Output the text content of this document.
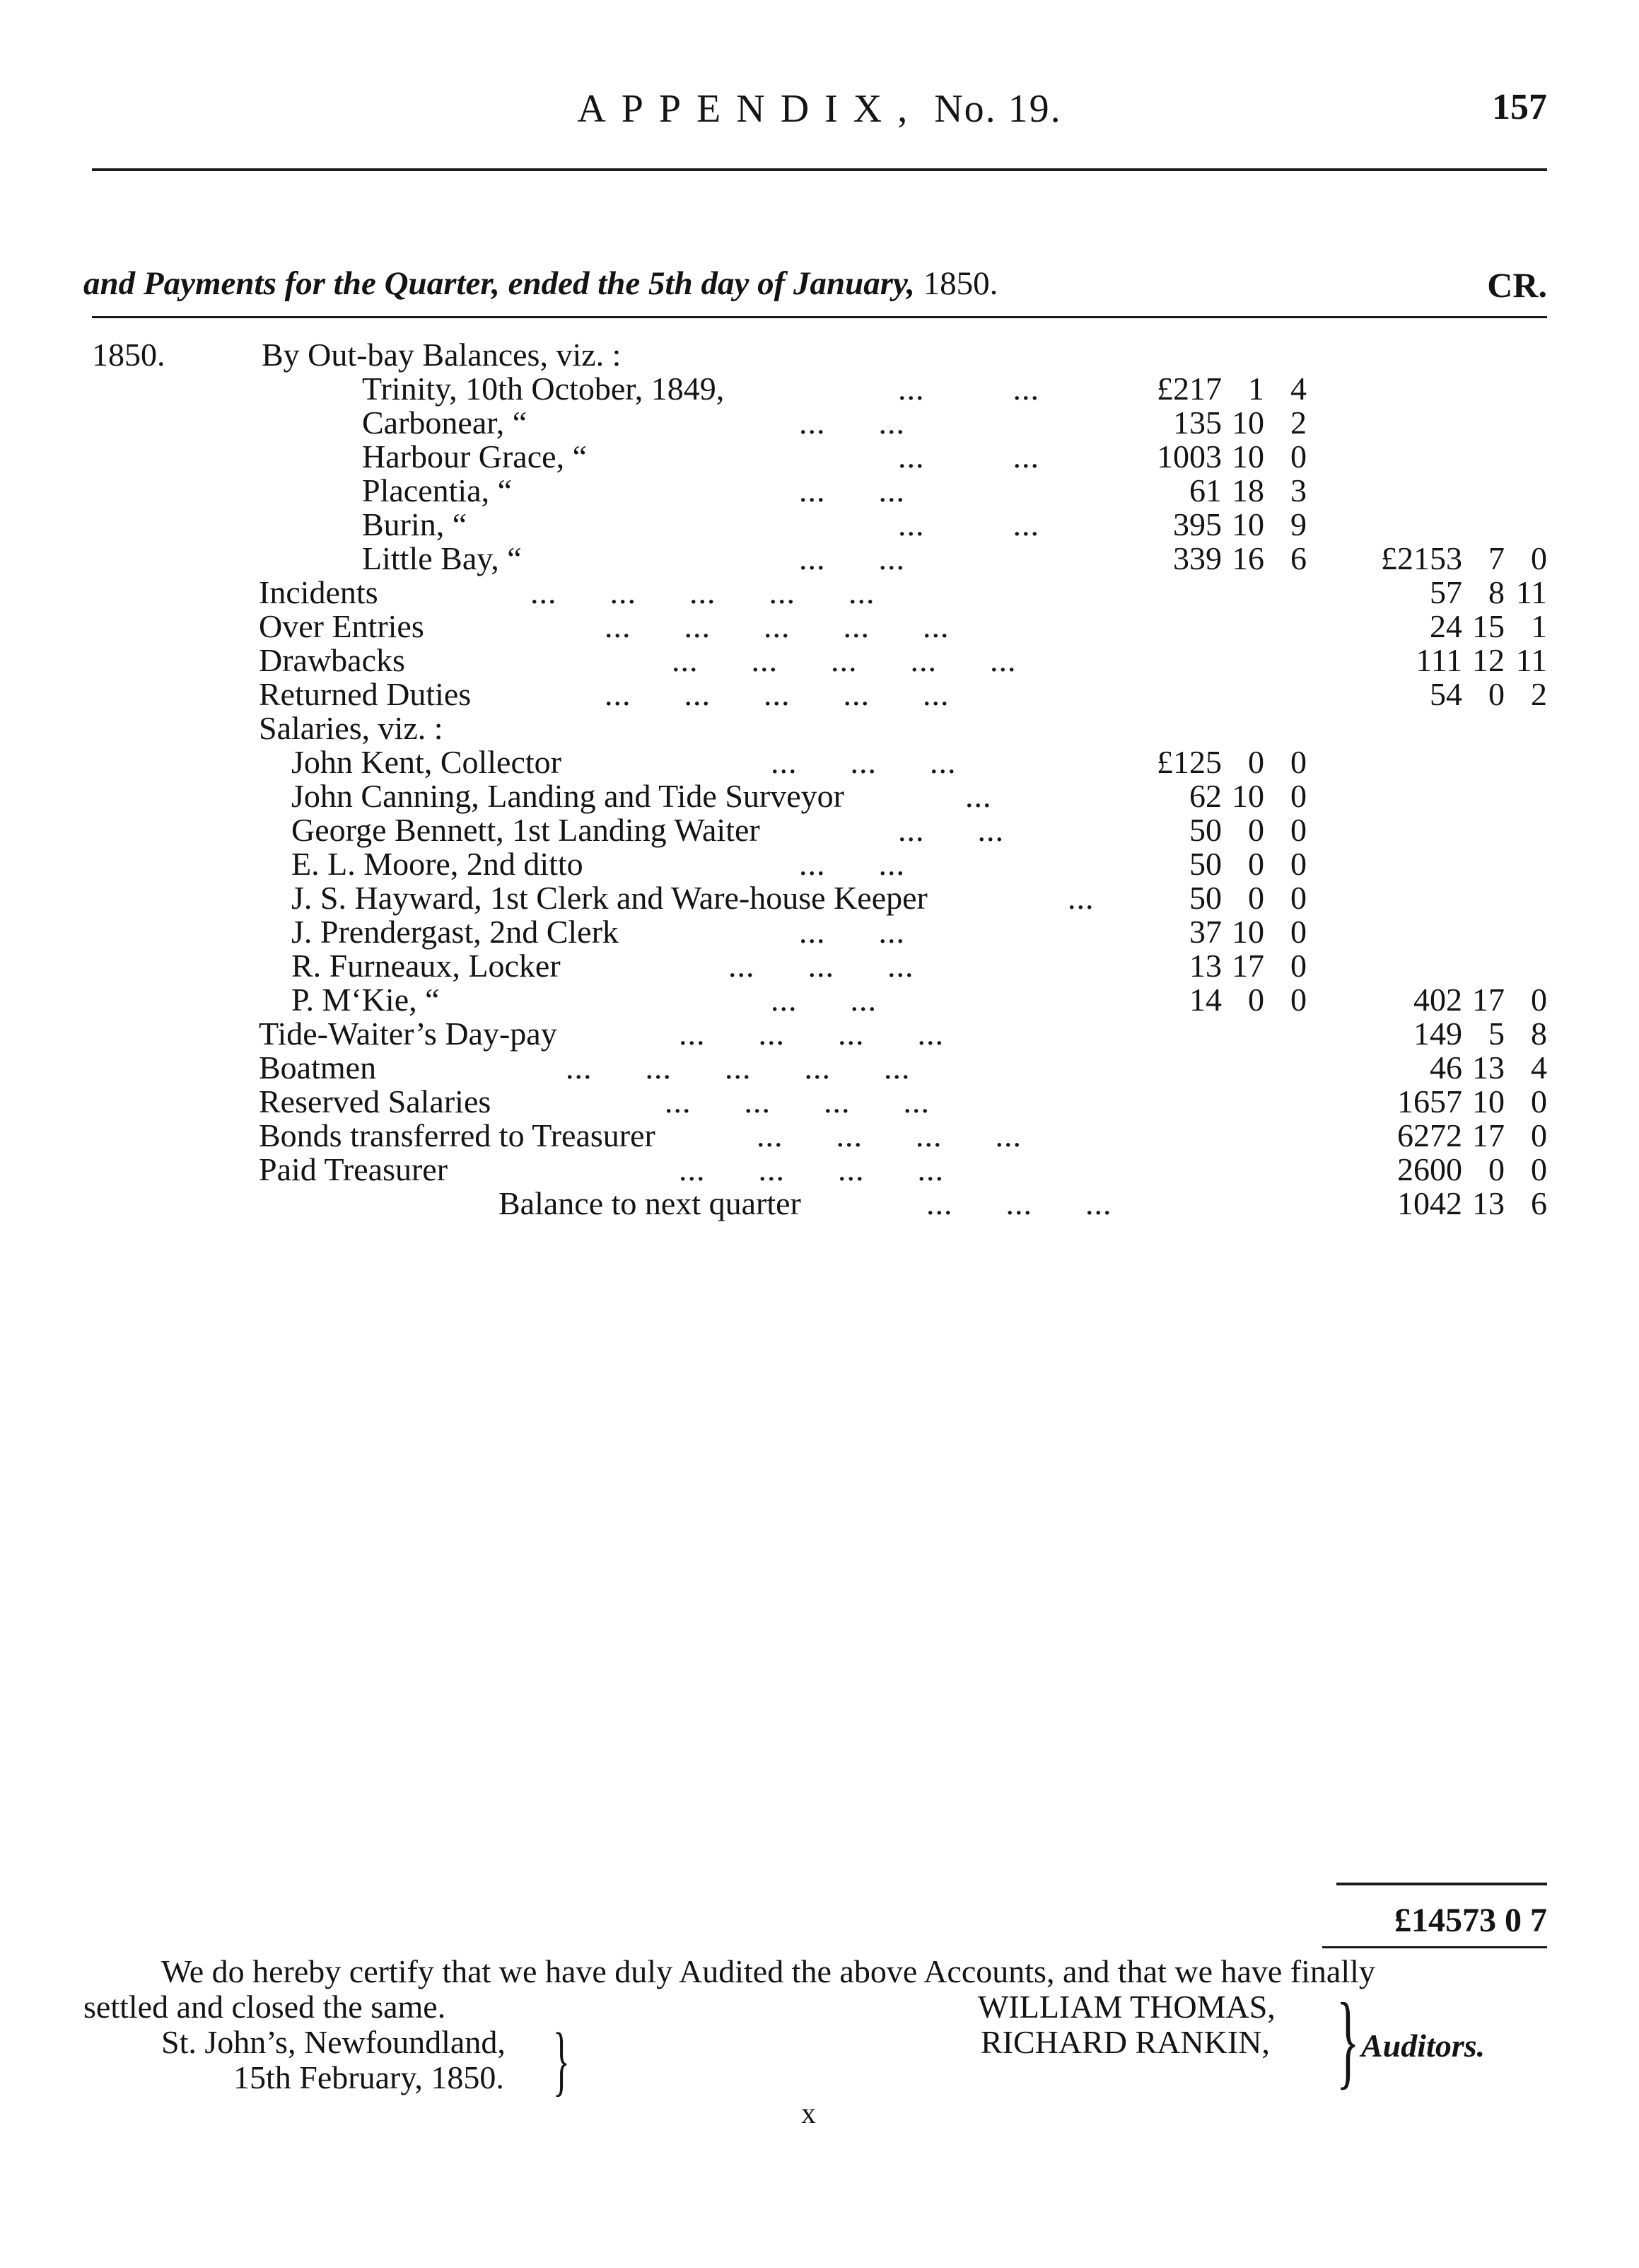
APPENDIX, No. 19.	157
and Payments for the Quarter, ended the 5th day of January, 1850.	CR.
1850.	By Out-bay Balances, viz. :
Trinity, 10th October, 1849,	...          ...	£217 1 4
Carbonear, “	...      ...	135 10 2
Harbour Grace, “	...          ...	1003 10 0
Placentia, “	...      ...	61 18 3
Burin, “	...          ...	395 10 9
Little Bay, “	...      ...	339 16 6	£2153 7 0
Incidents	...      ...      ...      ...      ...	57 8 11
Over Entries	...      ...      ...      ...      ...	24 15 1
Drawbacks	...      ...      ...      ...      ...	111 12 11
Returned Duties	...      ...      ...      ...      ...	54 0 2
Salaries, viz. :
John Kent, Collector	...      ...      ...	£125 0 0
John Canning, Landing and Tide Surveyor	...	62 10 0
George Bennett, 1st Landing Waiter	...      ...	50 0 0
E. L. Moore, 2nd ditto	...      ...	50 0 0
J. S. Hayward, 1st Clerk and Ware-house Keeper	...	50 0 0
J. Prendergast, 2nd Clerk	...      ...	37 10 0
R. Furneaux, Locker	...      ...      ...	13 17 0
P. M‘Kie, “	...      ...	14 0 0	402 17 0
Tide-Waiter’s Day-pay	...      ...      ...      ...	149 5 8
Boatmen	...      ...      ...      ...      ...	46 13 4
Reserved Salaries	...      ...      ...      ...	1657 10 0
Bonds transferred to Treasurer	...      ...      ...      ...	6272 17 0
Paid Treasurer	...      ...      ...      ...	2600 0 0
Balance to next quarter	...      ...      ...	1042 13 6
£14573 0 7
We do hereby certify that we have duly Audited the above Accounts, and that we have finally
settled and closed the same.
St. John’s, Newfoundland,
15th February, 1850. }
WILLIAM THOMAS,
RICHARD RANKIN, } Auditors.
x
